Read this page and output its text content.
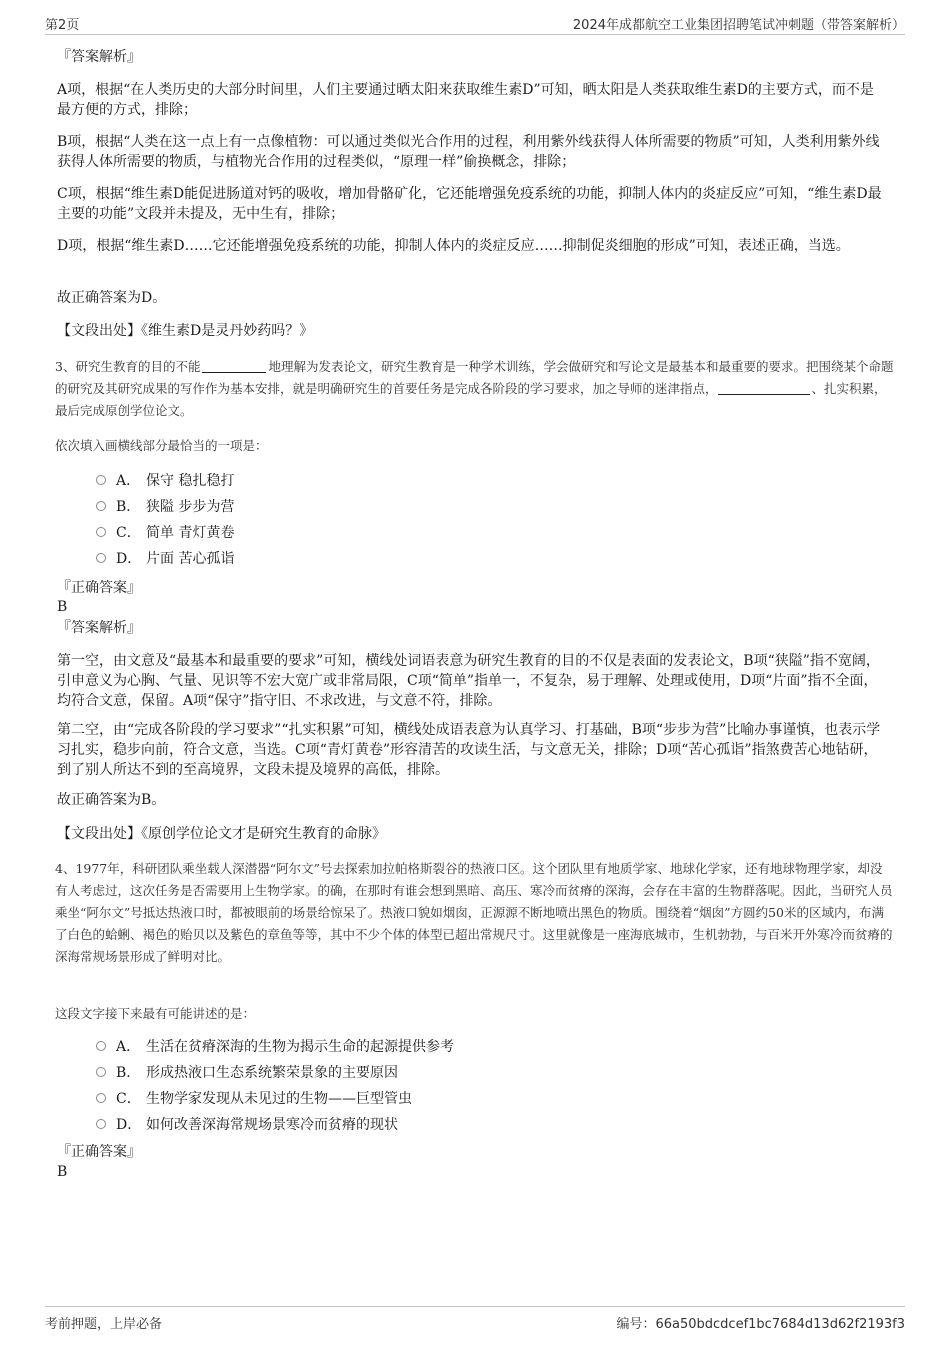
第2页	2024年成都航空工业集团招聘笔试冲刺题（带答案解析）
『答案解析』

A项，根据“在人类历史的大部分时间里，人们主要通过晒太阳来获取维生素D”可知，晒太阳是人类获取维生素D的主要方式，而不是最方便的方式，排除；

B项，根据“人类在这一点上有一点像植物：可以通过类似光合作用的过程，利用紫外线获得人体所需要的物质”可知，人类利用紫外线获得人体所需要的物质，与植物光合作用的过程类似，“原理一样”偷换概念，排除；

C项，根据“维生素D能促进肠道对钙的吸收，增加骨骼矿化，它还能增强免疫系统的功能，抑制人体内的炎症反应”可知，“维生素D最主要的功能”文段并未提及，无中生有，排除；

D项，根据“维生素D……它还能增强免疫系统的功能，抑制人体内的炎症反应……抑制促炎细胞的形成”可知，表述正确，当选。

故正确答案为D。

【文段出处】《维生素D是灵丹妙药吗？》

3、研究生教育的目的不能	地理解为发表论文，研究生教育是一种学术训练，学会做研究和写论文是最基本和最重要的要求。把围绕某个命题的研究及其研究成果的写作作为基本安排，就是明确研究生的首要任务是完成各阶段的学习要求，加之导师的迷津指点，	、扎实积累，最后完成原创学位论文。

依次填入画横线部分最恰当的一项是：
A． 保守 稳扎稳打
B． 狭隘 步步为营
C． 简单 青灯黄卷
D． 片面 苦心孤诣
『正确答案』
B
『答案解析』

第一空，由文意及“最基本和最重要的要求”可知，横线处词语表意为研究生教育的目的不仅是表面的发表论文，B项“狭隘”指不宽阔，引申意义为心胸、气量、见识等不宏大宽广或非常局限，C项“简单”指单一，不复杂，易于理解、处理或使用，D项“片面”指不全面，均符合文意，保留。A项“保守”指守旧、不求改进，与文意不符，排除。

第二空，由“完成各阶段的学习要求”“扎实积累”可知，横线处成语表意为认真学习、打基础，B项“步步为营”比喻办事谨慎，也表示学习扎实，稳步向前，符合文意，当选。C项“青灯黄卷”形容清苦的攻读生活，与文意无关，排除；D项“苦心孤诣”指煞费苦心地钻研，到了别人所达不到的至高境界，文段未提及境界的高低，排除。

故正确答案为B。

【文段出处】《原创学位论文才是研究生教育的命脉》

4、1977年，科研团队乘坐载人深潜器“阿尔文”号去探索加拉帕格斯裂谷的热液口区。这个团队里有地质学家、地球化学家，还有地球物理学家，却没有人考虑过，这次任务是否需要用上生物学家。的确，在那时有谁会想到黑暗、高压、寒冷而贫瘠的深海，会存在丰富的生物群落呢。因此，当研究人员乘坐“阿尔文”号抵达热液口时，都被眼前的场景给惊呆了。热液口貌如烟囱，正源源不断地喷出黑色的物质。围绕着“烟囱”方圆约50米的区域内，布满了白色的蛤蜊、褐色的贻贝以及紫色的章鱼等等，其中不少个体的体型已超出常规尺寸。这里就像是一座海底城市，生机勃勃，与百米开外寒冷而贫瘠的深海常规场景形成了鲜明对比。

这段文字接下来最有可能讲述的是：
A． 生活在贫瘠深海的生物为揭示生命的起源提供参考
B． 形成热液口生态系统繁荣景象的主要原因
C． 生物学家发现从未见过的生物——巨型管虫
D． 如何改善深海常规场景寒冷而贫瘠的现状
『正确答案』
B
考前押题，上岸必备	编号：66a50bdcdcef1bc7684d13d62f2193f3
